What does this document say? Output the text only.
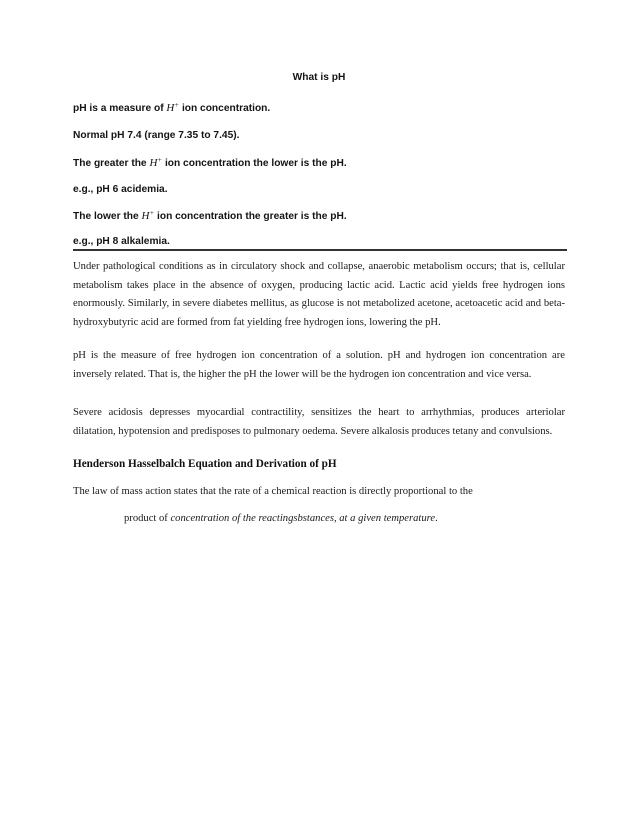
What is pH
pH is a measure of H+ ion concentration.
Normal pH 7.4 (range 7.35 to 7.45).
The greater the H+ ion concentration the lower is the pH.
e.g., pH 6 acidemia.
The lower the H+ ion concentration the greater is the pH.
e.g., pH 8 alkalemia.
Under pathological conditions as in circulatory shock and collapse, anaerobic metabolism occurs; that is, cellular metabolism takes place in the absence of oxygen, producing lactic acid. Lactic acid yields free hydrogen ions enormously. Similarly, in severe diabetes mellitus, as glucose is not metabolized acetone, acetoacetic acid and beta-hydroxybutyric acid are formed from fat yielding free hydrogen ions, lowering the pH.
pH is the measure of free hydrogen ion concentration of a solution. pH and hydrogen ion concentration are inversely related. That is, the higher the pH the lower will be the hydrogen ion concentration and vice versa.
Severe acidosis depresses myocardial contractility, sensitizes the heart to arrhythmias, produces arteriolar dilatation, hypotension and predisposes to pulmonary oedema. Severe alkalosis produces tetany and convulsions.
Henderson Hasselbalch Equation and Derivation of pH
The law of mass action states that the rate of a chemical reaction is directly proportional to the
product of concentration of the reactingsbstances, at a given temperature.
